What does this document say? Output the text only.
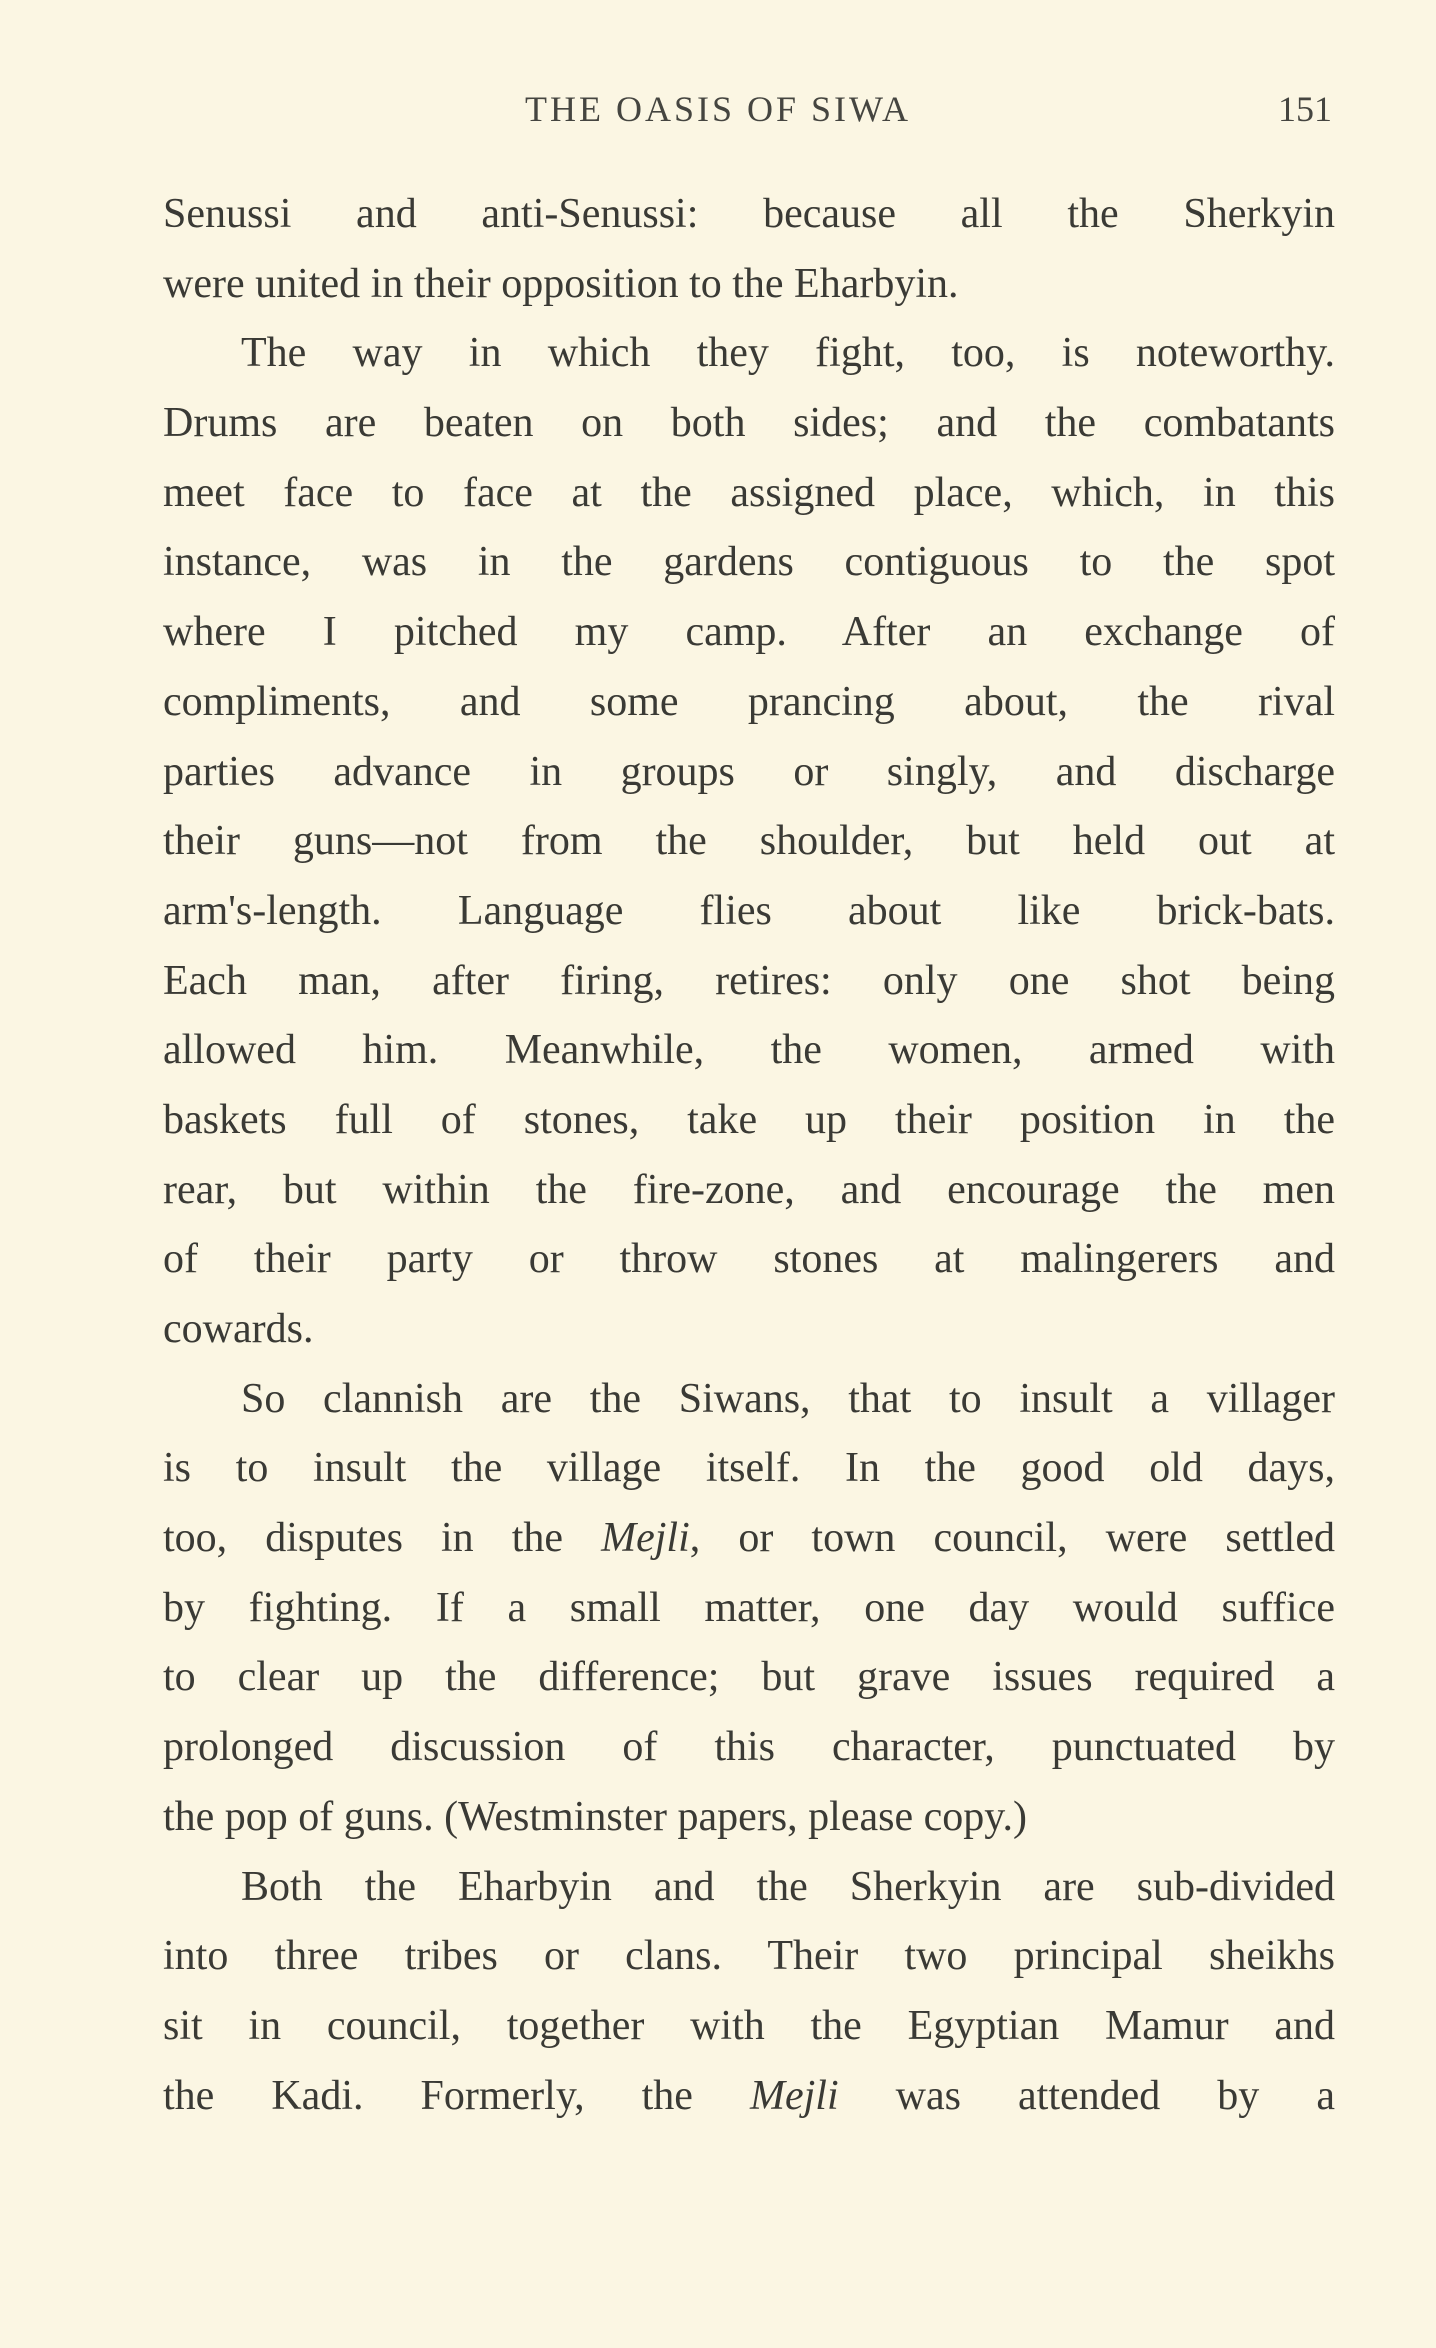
THE OASIS OF SIWA	151
Senussi and anti-Senussi: because all the Sherkyin
were united in their opposition to the Eharbyin.
The way in which they fight, too, is noteworthy.
Drums are beaten on both sides; and the combatants
meet face to face at the assigned place, which, in this
instance, was in the gardens contiguous to the spot
where I pitched my camp. After an exchange of
compliments, and some prancing about, the rival
parties advance in groups or singly, and discharge
their guns—not from the shoulder, but held out at
arm's-length. Language flies about like brick-bats.
Each man, after firing, retires: only one shot being
allowed him. Meanwhile, the women, armed with
baskets full of stones, take up their position in the
rear, but within the fire-zone, and encourage the men
of their party or throw stones at malingerers and
cowards.
So clannish are the Siwans, that to insult a villager
is to insult the village itself. In the good old days,
too, disputes in the Mejli, or town council, were settled
by fighting. If a small matter, one day would suffice
to clear up the difference; but grave issues required a
prolonged discussion of this character, punctuated by
the pop of guns. (Westminster papers, please copy.)
Both the Eharbyin and the Sherkyin are sub-divided
into three tribes or clans. Their two principal sheikhs
sit in council, together with the Egyptian Mamur and
the Kadi. Formerly, the Mejli was attended by a
